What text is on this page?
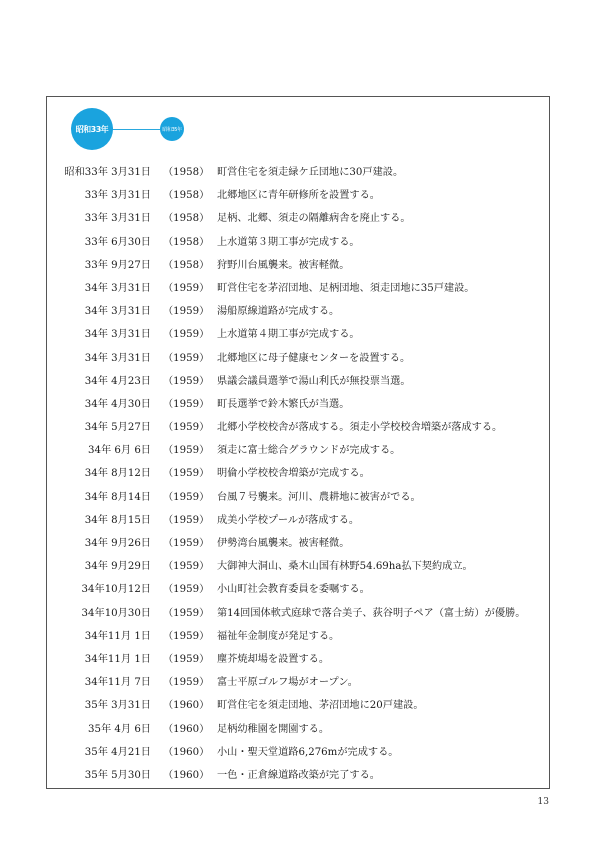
昭和33年	昭和35年
昭和33年 3月31日 （1958） 町営住宅を須走緑ケ丘団地に30戸建設。
33年 3月31日 （1958） 北郷地区に青年研修所を設置する。
33年 3月31日 （1958） 足柄、北郷、須走の隔離病舎を廃止する。
33年 6月30日 （1958） 上水道第３期工事が完成する。
33年 9月27日 （1958） 狩野川台風襲来。被害軽微。
34年 3月31日 （1959） 町営住宅を茅沼団地、足柄団地、須走団地に35戸建設。
34年 3月31日 （1959） 湯船原線道路が完成する。
34年 3月31日 （1959） 上水道第４期工事が完成する。
34年 3月31日 （1959） 北郷地区に母子健康センターを設置する。
34年 4月23日 （1959） 県議会議員選挙で湯山利氏が無投票当選。
34年 4月30日 （1959） 町長選挙で鈴木繁氏が当選。
34年 5月27日 （1959） 北郷小学校校舎が落成する。須走小学校校舎増築が落成する。
34年 6月 6日 （1959） 須走に富士総合グラウンドが完成する。
34年 8月12日 （1959） 明倫小学校校舎増築が完成する。
34年 8月14日 （1959） 台風７号襲来。河川、農耕地に被害がでる。
34年 8月15日 （1959） 成美小学校プールが落成する。
34年 9月26日 （1959） 伊勢湾台風襲来。被害軽微。
34年 9月29日 （1959） 大御神大洞山、桑木山国有林野54.69ha払下契約成立。
34年10月12日 （1959） 小山町社会教育委員を委嘱する。
34年10月30日 （1959） 第14回国体軟式庭球で落合美子、荻谷明子ペア（富士紡）が優勝。
34年11月 1日 （1959） 福祉年金制度が発足する。
34年11月 1日 （1959） 塵芥焼却場を設置する。
34年11月 7日 （1959） 富士平原ゴルフ場がオープン。
35年 3月31日 （1960） 町営住宅を須走団地、茅沼団地に20戸建設。
35年 4月 6日 （1960） 足柄幼稚園を開園する。
35年 4月21日 （1960） 小山・聖天堂道路6,276mが完成する。
35年 5月30日 （1960） 一色・正倉線道路改築が完了する。
13
